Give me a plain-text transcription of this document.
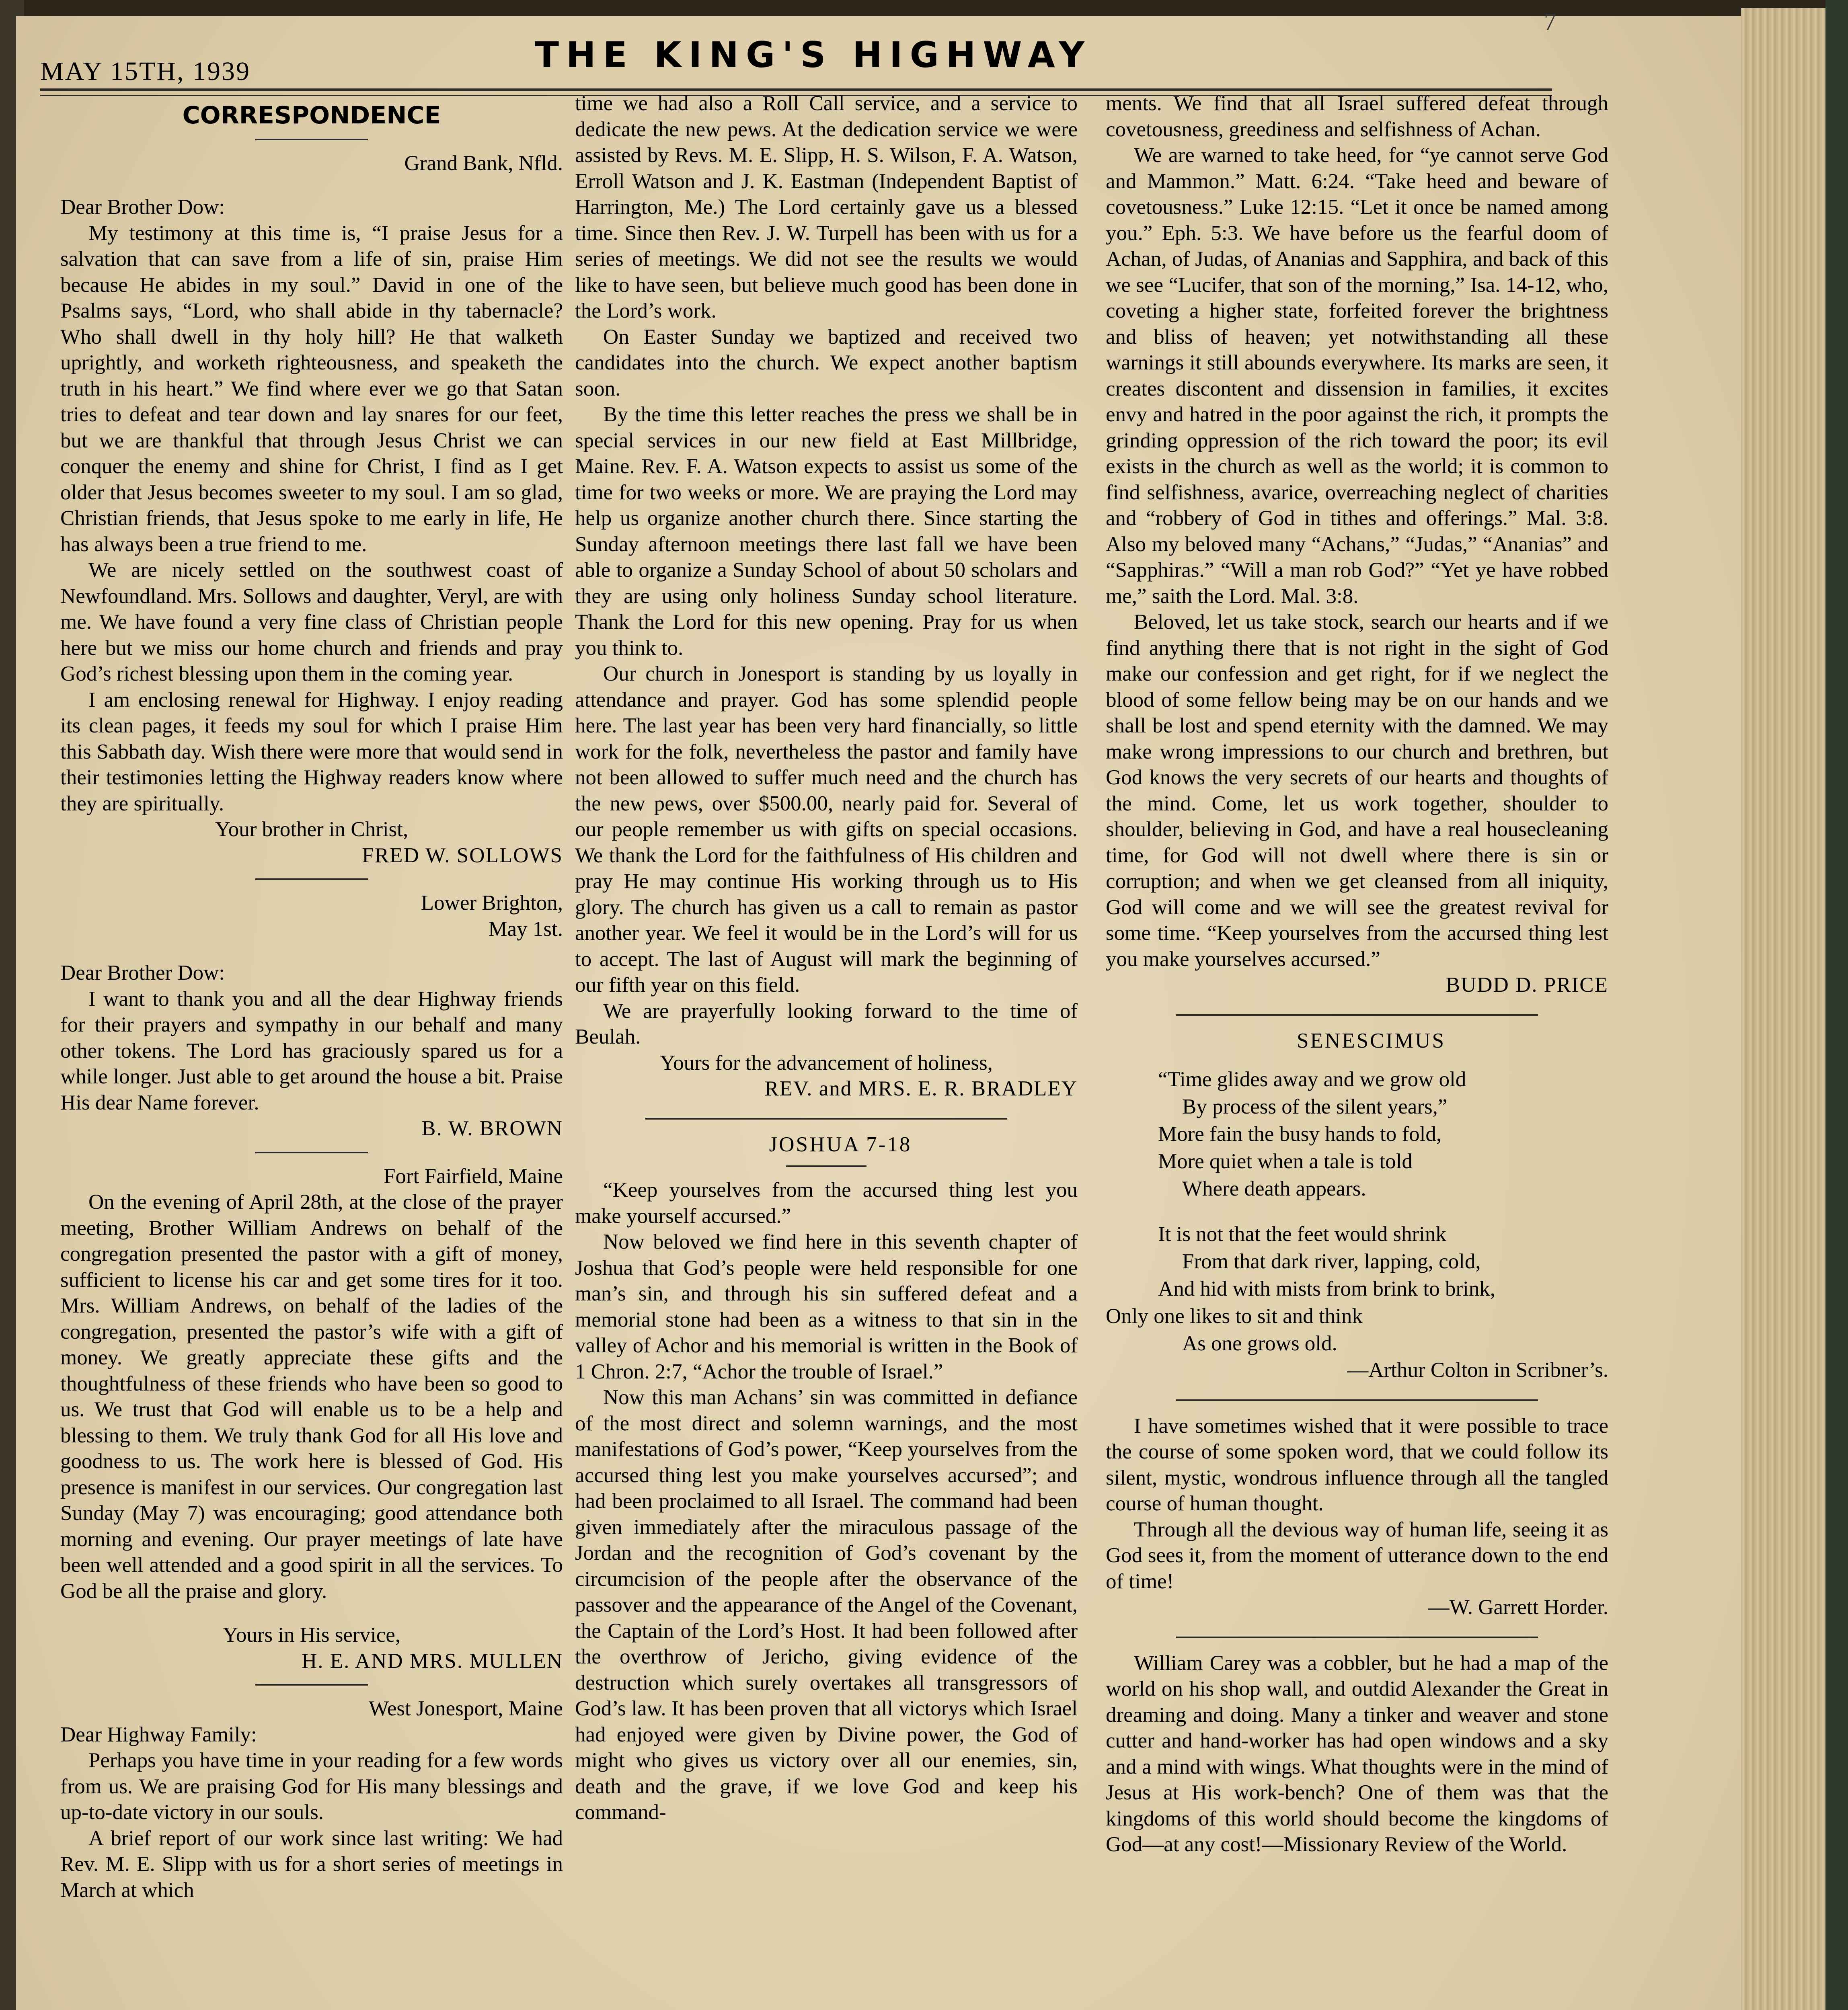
7
MAY 15TH, 1939	THE KING'S HIGHWAY
CORRESPONDENCE

Grand Bank, Nfld.

Dear Brother Dow:

My testimony at this time is, “I praise Jesus for a salvation that can save from a life of sin, praise Him because He abides in my soul.” David in one of the Psalms says, “Lord, who shall abide in thy tabernacle? Who shall dwell in thy holy hill? He that walketh uprightly, and worketh righteousness, and speaketh the truth in his heart.” We find where ever we go that Satan tries to defeat and tear down and lay snares for our feet, but we are thankful that through Jesus Christ we can conquer the enemy and shine for Christ, I find as I get older that Jesus becomes sweeter to my soul. I am so glad, Christian friends, that Jesus spoke to me early in life, He has always been a true friend to me.

We are nicely settled on the southwest coast of Newfoundland. Mrs. Sollows and daughter, Veryl, are with me. We have found a very fine class of Christian people here but we miss our home church and friends and pray God’s richest blessing upon them in the coming year.

I am enclosing renewal for Highway. I enjoy reading its clean pages, it feeds my soul for which I praise Him this Sabbath day. Wish there were more that would send in their testimonies letting the Highway readers know where they are spiritually.

Your brother in Christ,

FRED W. SOLLOWS

Lower Brighton,

May 1st.

Dear Brother Dow:

I want to thank you and all the dear Highway friends for their prayers and sympathy in our behalf and many other tokens. The Lord has graciously spared us for a while longer. Just able to get around the house a bit. Praise His dear Name forever.

B. W. BROWN

Fort Fairfield, Maine

On the evening of April 28th, at the close of the prayer meeting, Brother William Andrews on behalf of the congregation presented the pastor with a gift of money, sufficient to license his car and get some tires for it too. Mrs. William Andrews, on behalf of the ladies of the congregation, presented the pastor’s wife with a gift of money. We greatly appreciate these gifts and the thoughtfulness of these friends who have been so good to us. We trust that God will enable us to be a help and blessing to them. We truly thank God for all His love and goodness to us. The work here is blessed of God. His presence is manifest in our services. Our congregation last Sunday (May 7) was encouraging; good attendance both morning and evening. Our prayer meetings of late have been well attended and a good spirit in all the services. To God be all the praise and glory.

Yours in His service,

H. E. AND MRS. MULLEN

West Jonesport, Maine

Dear Highway Family:

Perhaps you have time in your reading for a few words from us. We are praising God for His many blessings and up-to-date victory in our souls.

A brief report of our work since last writing: We had Rev. M. E. Slipp with us for a short series of meetings in March at which

time we had also a Roll Call service, and a service to dedicate the new pews. At the dedication service we were assisted by Revs. M. E. Slipp, H. S. Wilson, F. A. Watson, Erroll Watson and J. K. Eastman (Independent Baptist of Harrington, Me.) The Lord certainly gave us a blessed time. Since then Rev. J. W. Turpell has been with us for a series of meetings. We did not see the results we would like to have seen, but believe much good has been done in the Lord’s work.

On Easter Sunday we baptized and received two candidates into the church. We expect another baptism soon.

By the time this letter reaches the press we shall be in special services in our new field at East Millbridge, Maine. Rev. F. A. Watson expects to assist us some of the time for two weeks or more. We are praying the Lord may help us organize another church there. Since starting the Sunday afternoon meetings there last fall we have been able to organize a Sunday School of about 50 scholars and they are using only holiness Sunday school literature. Thank the Lord for this new opening. Pray for us when you think to.

Our church in Jonesport is standing by us loyally in attendance and prayer. God has some splendid people here. The last year has been very hard financially, so little work for the folk, nevertheless the pastor and family have not been allowed to suffer much need and the church has the new pews, over $500.00, nearly paid for. Several of our people remember us with gifts on special occasions. We thank the Lord for the faithfulness of His children and pray He may continue His working through us to His glory. The church has given us a call to remain as pastor another year. We feel it would be in the Lord’s will for us to accept. The last of August will mark the beginning of our fifth year on this field.

We are prayerfully looking forward to the time of Beulah.

Yours for the advancement of holiness,

REV. and MRS. E. R. BRADLEY

JOSHUA 7-18

“Keep yourselves from the accursed thing lest you make yourself accursed.”

Now beloved we find here in this seventh chapter of Joshua that God’s people were held responsible for one man’s sin, and through his sin suffered defeat and a memorial stone had been as a witness to that sin in the valley of Achor and his memorial is written in the Book of 1 Chron. 2:7, “Achor the trouble of Israel.”

Now this man Achans’ sin was committed in defiance of the most direct and solemn warnings, and the most manifestations of God’s power, “Keep yourselves from the accursed thing lest you make yourselves accursed”; and had been proclaimed to all Israel. The command had been given immediately after the miraculous passage of the Jordan and the recognition of God’s covenant by the circumcision of the people after the observance of the passover and the appearance of the Angel of the Covenant, the Captain of the Lord’s Host. It had been followed after the overthrow of Jericho, giving evidence of the destruction which surely overtakes all transgressors of God’s law. It has been proven that all victorys which Israel had enjoyed were given by Divine power, the God of might who gives us victory over all our enemies, sin, death and the grave, if we love God and keep his command-

ments. We find that all Israel suffered defeat through covetousness, greediness and selfishness of Achan.

We are warned to take heed, for “ye cannot serve God and Mammon.” Matt. 6:24. “Take heed and beware of covetousness.” Luke 12:15. “Let it once be named among you.” Eph. 5:3. We have before us the fearful doom of Achan, of Judas, of Ananias and Sapphira, and back of this we see “Lucifer, that son of the morning,” Isa. 14-12, who, coveting a higher state, forfeited forever the brightness and bliss of heaven; yet notwithstanding all these warnings it still abounds everywhere. Its marks are seen, it creates discontent and dissension in families, it excites envy and hatred in the poor against the rich, it prompts the grinding oppression of the rich toward the poor; its evil exists in the church as well as the world; it is common to find selfishness, avarice, overreaching neglect of charities and “robbery of God in tithes and offerings.” Mal. 3:8. Also my beloved many “Achans,” “Judas,” “Ananias” and “Sapphiras.” “Will a man rob God?” “Yet ye have robbed me,” saith the Lord. Mal. 3:8.

Beloved, let us take stock, search our hearts and if we find anything there that is not right in the sight of God make our confession and get right, for if we neglect the blood of some fellow being may be on our hands and we shall be lost and spend eternity with the damned. We may make wrong impressions to our church and brethren, but God knows the very secrets of our hearts and thoughts of the mind. Come, let us work together, shoulder to shoulder, believing in God, and have a real housecleaning time, for God will not dwell where there is sin or corruption; and when we get cleansed from all iniquity, God will come and we will see the greatest revival for some time. “Keep yourselves from the accursed thing lest you make yourselves accursed.”

BUDD D. PRICE

SENESCIMUS

“Time glides away and we grow old
By process of the silent years,”
More fain the busy hands to fold,
More quiet when a tale is told
Where death appears.
It is not that the feet would shrink
From that dark river, lapping, cold,
And hid with mists from brink to brink,
Only one likes to sit and think
As one grows old.

—Arthur Colton in Scribner’s.

I have sometimes wished that it were possible to trace the course of some spoken word, that we could follow its silent, mystic, wondrous influence through all the tangled course of human thought.

Through all the devious way of human life, seeing it as God sees it, from the moment of utterance down to the end of time!

—W. Garrett Horder.

William Carey was a cobbler, but he had a map of the world on his shop wall, and outdid Alexander the Great in dreaming and doing. Many a tinker and weaver and stone cutter and hand-worker has had open windows and a sky and a mind with wings. What thoughts were in the mind of Jesus at His work-bench? One of them was that the kingdoms of this world should become the kingdoms of God—at any cost!—Missionary Review of the World.
